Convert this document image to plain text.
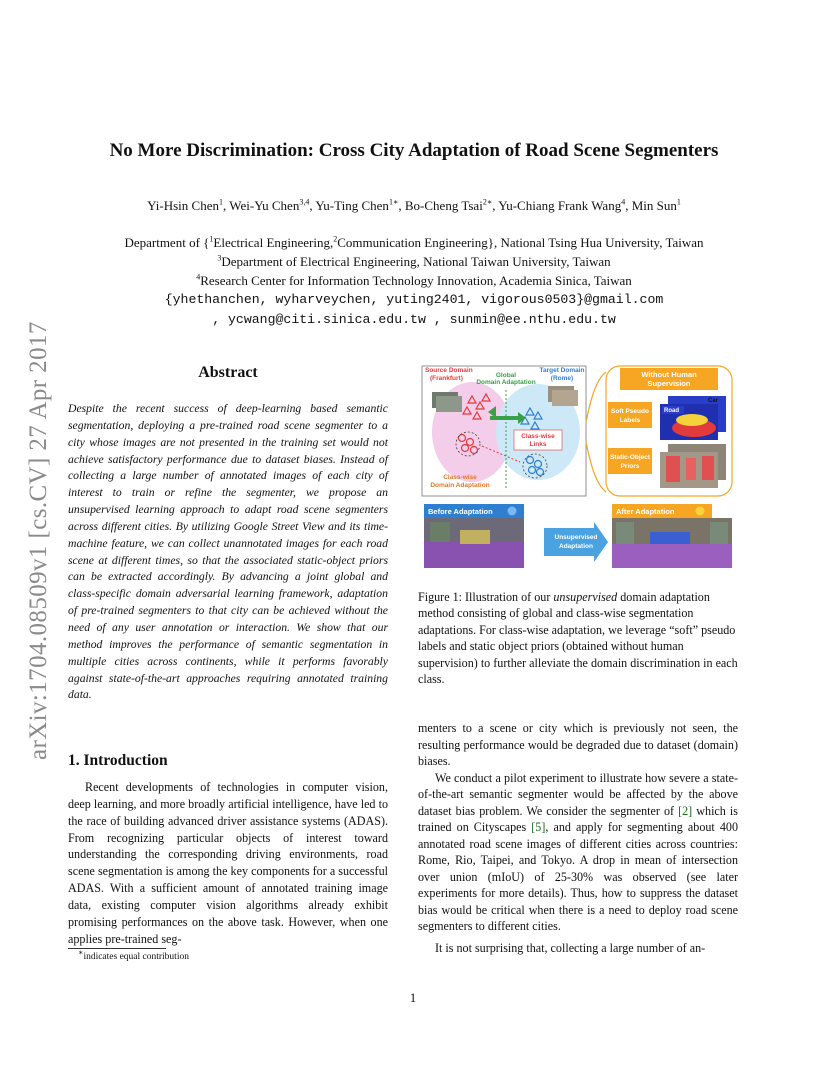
arXiv:1704.08509v1 [cs.CV] 27 Apr 2017
No More Discrimination: Cross City Adaptation of Road Scene Segmenters
Yi-Hsin Chen$^1$, Wei-Yu Chen$^{3,4}$, Yu-Ting Chen$^{1∗}$, Bo-Cheng Tsai$^{2∗}$, Yu-Chiang Frank Wang$^4$, Min Sun$^1$
Department of {$^1$Electrical Engineering,$^2$Communication Engineering}, National Tsing Hua University, Taiwan
$^3$Department of Electrical Engineering, National Taiwan University, Taiwan
$^4$Research Center for Information Technology Innovation, Academia Sinica, Taiwan
{yhethanchen, wyharveychen, yuting2401, vigorous0503}@gmail.com
, ycwang@citi.sinica.edu.tw , sunmin@ee.nthu.edu.tw
Abstract
Despite the recent success of deep-learning based semantic segmentation, deploying a pre-trained road scene segmenter to a city whose images are not presented in the training set would not achieve satisfactory performance due to dataset biases. Instead of collecting a large number of annotated images of each city of interest to train or refine the segmenter, we propose an unsupervised learning approach to adapt road scene segmenters across different cities. By utilizing Google Street View and its time-machine feature, we can collect unannotated images for each road scene at different times, so that the associated static-object priors can be extracted accordingly. By advancing a joint global and class-specific domain adversarial learning framework, adaptation of pre-trained segmenters to that city can be achieved without the need of any user annotation or interaction. We show that our method improves the performance of semantic segmentation in multiple cities across continents, while it performs favorably against state-of-the-art approaches requiring annotated training data.
1. Introduction
Recent developments of technologies in computer vision, deep learning, and more broadly artificial intelligence, have led to the race of building advanced driver assistance systems (ADAS). From recognizing particular objects of interest toward understanding the corresponding driving environments, road scene segmentation is among the key components for a successful ADAS. With a sufficient amount of annotated training image data, existing computer vision algorithms already exhibit promising performances on the above task. However, when one applies pre-trained seg-
∗indicates equal contribution
Class-wise
Links
Source Domain
(Frankfurt)	Global
Domain Adaptation
Target Domain
(Rome)
Class-wise
Domain Adaptation
Without Human
Supervision
Soft Pseudo
Labels
Road
Car
Static-Object
Priors
Before Adaptation
Unsupervised
Adaptation
After Adaptation
Figure 1: Illustration of our unsupervised domain adaptation method consisting of global and class-wise segmentation adaptations. For class-wise adaptation, we leverage “soft” pseudo labels and static object priors (obtained without human supervision) to further alleviate the domain discrimination in each class.

menters to a scene or city which is previously not seen, the resulting performance would be degraded due to dataset (domain) biases.

We conduct a pilot experiment to illustrate how severe a state-of-the-art semantic segmenter would be affected by the above dataset bias problem. We consider the segmenter of [2] which is trained on Cityscapes [5], and apply for segmenting about 400 annotated road scene images of different cities across countries: Rome, Rio, Taipei, and Tokyo. A drop in mean of intersection over union (mIoU) of 25-30% was observed (see later experiments for more details). Thus, how to suppress the dataset bias would be critical when there is a need to deploy road scene segmenters to different cities.

It is not surprising that, collecting a large number of an-

1
